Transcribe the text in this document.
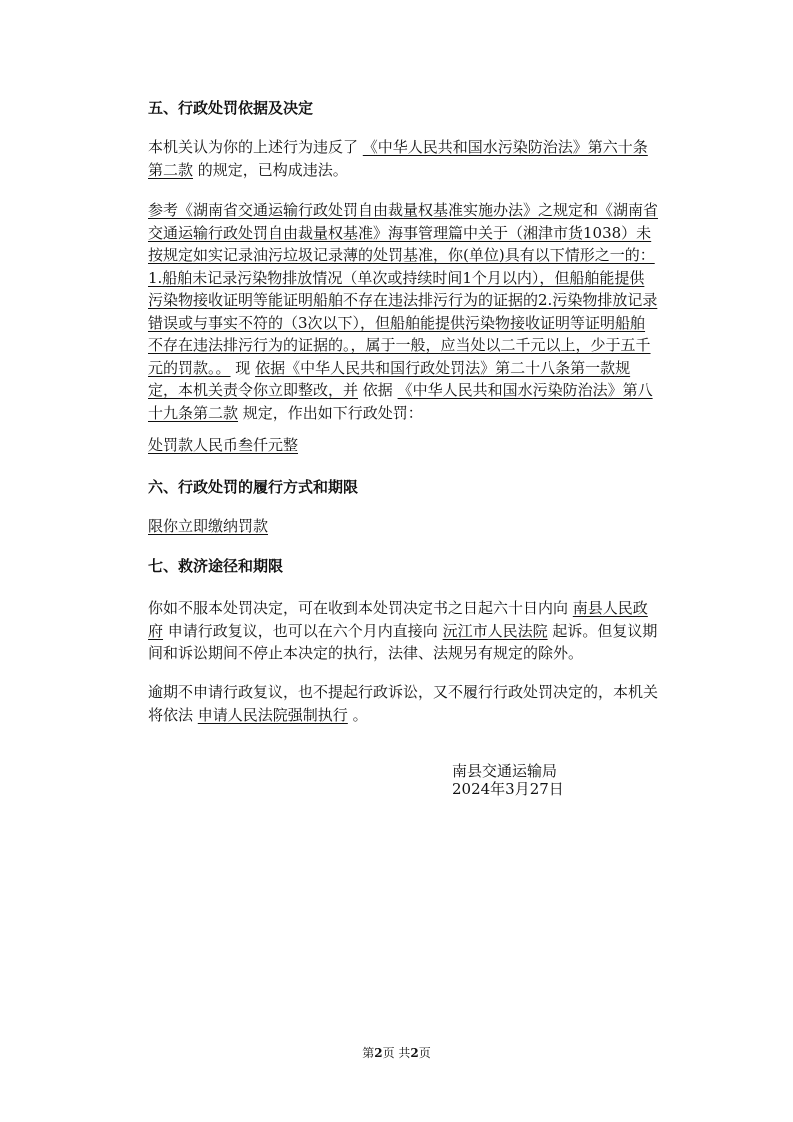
五、行政处罚依据及决定
本机关认为你的上述行为违反了 《中华人民共和国水污染防治法》第六十条第二款 的规定，已构成违法。
参考《湖南省交通运输行政处罚自由裁量权基准实施办法》之规定和《湖南省交通运输行政处罚自由裁量权基准》海事管理篇中关于（湘津市货1038）未按规定如实记录油污垃圾记录薄的处罚基准，你(单位)具有以下情形之一的：1.船舶未记录污染物排放情况（单次或持续时间1个月以内），但船舶能提供污染物接收证明等能证明船舶不存在违法排污行为的证据的2.污染物排放记录错误或与事实不符的（3次以下），但船舶能提供污染物接收证明等证明船舶不存在违法排污行为的证据的。，属于一般，应当处以二千元以上，少于五千元的罚款。。 现 依据《中华人民共和国行政处罚法》第二十八条第一款规定，本机关责令你立即整改，并 依据 《中华人民共和国水污染防治法》第八十九条第二款 规定，作出如下行政处罚：
处罚款人民币叁仟元整
六、行政处罚的履行方式和期限
限你立即缴纳罚款
七、救济途径和期限
你如不服本处罚决定，可在收到本处罚决定书之日起六十日内向 南县人民政府 申请行政复议，也可以在六个月内直接向 沅江市人民法院 起诉。但复议期间和诉讼期间不停止本决定的执行，法律、法规另有规定的除外。
逾期不申请行政复议，也不提起行政诉讼，又不履行行政处罚决定的，本机关将依法 申请人民法院强制执行 。
南县交通运输局
2024年3月27日
第2页 共2页
